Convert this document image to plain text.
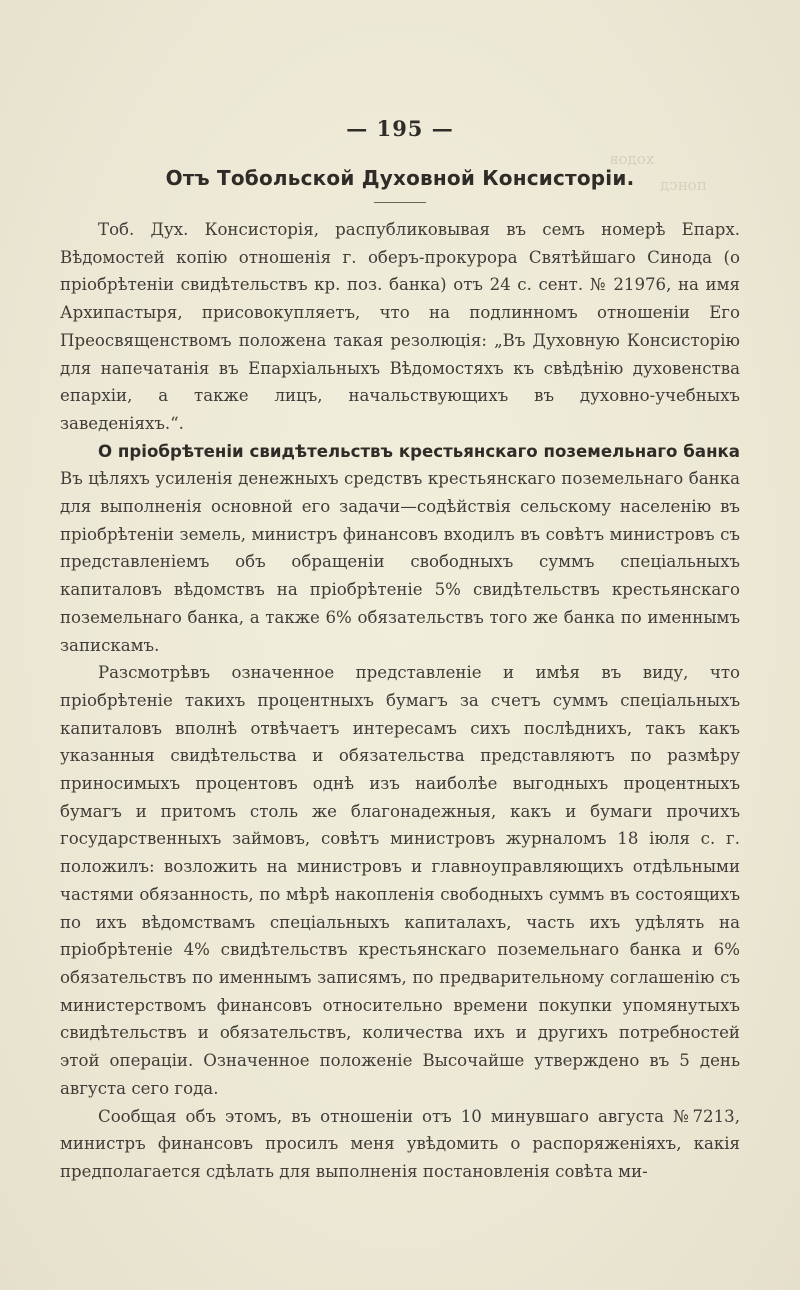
ходов
понсд
— 195 —
Отъ Тобольской Духовной Консисторіи.

Тоб. Дух. Консисторія, распубликовывая въ семъ номерѣ Епарх. Вѣдомостей копію отношенія г. оберъ-прокурора Святѣйшаго Синода (о пріобрѣтеніи свидѣтельствъ кр. поз. банка) отъ 24 с. сент. № 21976, на имя Архипастыря, присовокупляетъ, что на подлинномъ отношеніи Его Преосвященствомъ положена такая резолюція: „Въ Духовную Консисторію для напечатанія въ Епархіальныхъ Вѣдомостяхъ къ свѣдѣнію духовенства епархіи, а также лицъ, начальствующихъ въ духовно-учебныхъ заведеніяхъ.“.

О пріобрѣтеніи свидѣтельствъ крестьянскаго поземельнаго банка Въ цѣляхъ усиленія денежныхъ средствъ крестьянскаго поземельнаго банка для выполненія основной его задачи—содѣйствія сельскому населенію въ пріобрѣтеніи земель, министръ финансовъ входилъ въ совѣтъ министровъ съ представленіемъ объ обращеніи свободныхъ суммъ спеціальныхъ капиталовъ вѣдомствъ на пріобрѣтеніе 5% свидѣтельствъ крестьянскаго поземельнаго банка, а также 6% обязательствъ того же банка по именнымъ запискамъ.

Разсмотрѣвъ означенное представленіе и имѣя въ виду, что пріобрѣтеніе такихъ процентныхъ бумагъ за счетъ суммъ спеціальныхъ капиталовъ вполнѣ отвѣчаетъ интересамъ сихъ послѣднихъ, такъ какъ указанныя свидѣтельства и обязательства представляютъ по размѣру приносимыхъ процентовъ однѣ изъ наиболѣе выгодныхъ процентныхъ бумагъ и притомъ столь же благонадежныя, какъ и бумаги прочихъ государственныхъ займовъ, совѣтъ министровъ журналомъ 18 іюля с. г. положилъ: возложить на министровъ и главноуправляющихъ отдѣльными частями обязанность, по мѣрѣ накопленія свободныхъ суммъ въ состоящихъ по ихъ вѣдомствамъ спеціальныхъ капиталахъ, часть ихъ удѣлять на пріобрѣтеніе 4% свидѣтельствъ крестьянскаго поземельнаго банка и 6% обязательствъ по именнымъ записямъ, по предварительному соглашенію съ министерствомъ финансовъ относительно времени покупки упомянутыхъ свидѣтельствъ и обязательствъ, количества ихъ и другихъ потребностей этой операціи. Означенное положеніе Высочайше утверждено въ 5 день августа сего года.

Сообщая объ этомъ, въ отношеніи отъ 10 минувшаго августа №7213, министръ финансовъ просилъ меня увѣдомить о распоряженіяхъ, какія предполагается сдѣлать для выполненія постановленія совѣта ми-
